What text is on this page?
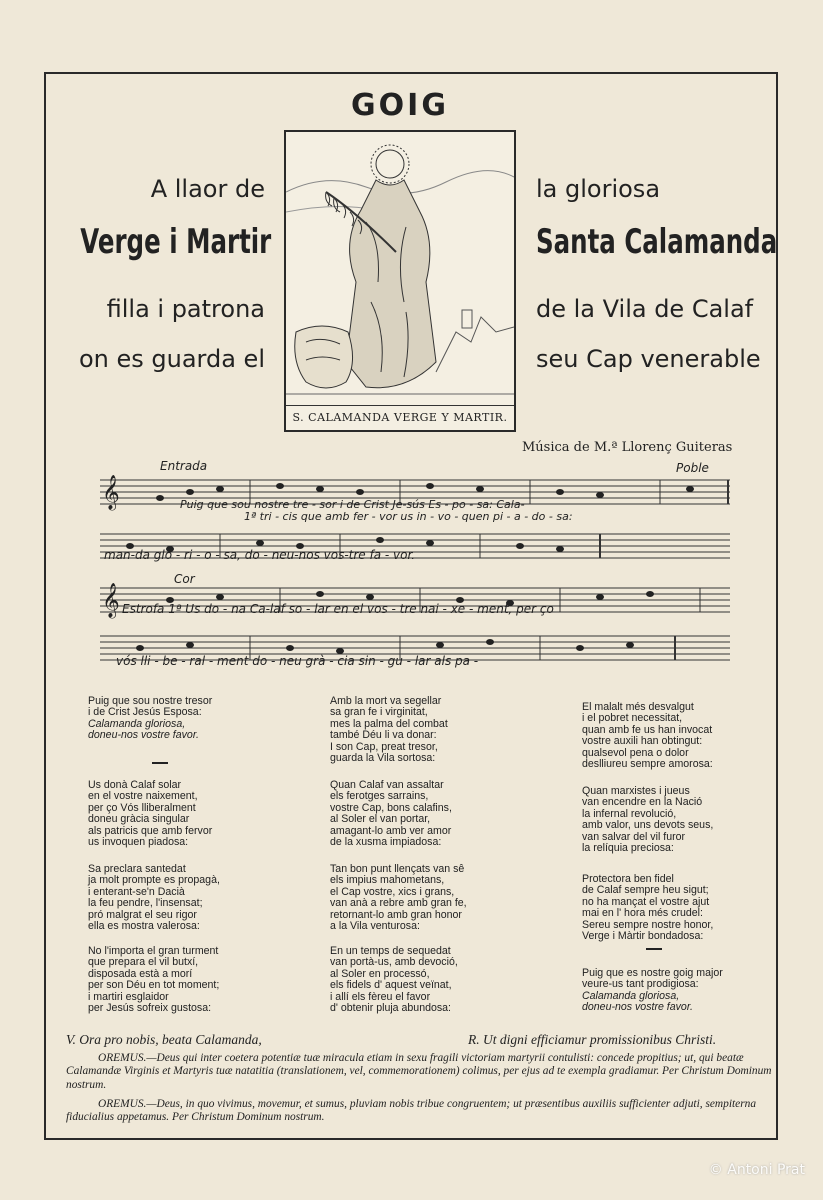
GOIG
A llaor de
Verge i Martir
filla i patrona
on es guarda el
la gloriosa
Santa Calamanda
de la Vila de Calaf
seu Cap venerable
S. CALAMANDA VERGE Y MARTIR.
Música de M.ª Llorenç Guiteras
𝄞
Entrada	Poble
Puig que sou nostre tre - sor i de Crist Je-sús Es - po - sa: Cala-
1ª tri - cis que amb fer - vor us in - vo - quen pi - a - do - sa:
man-da glo - ri - o - sa, do - neu-nos vos-tre fa - vor.
𝄞
Cor
Estrofa 1ª Us do - na Ca-laf so - lar en el vos - tre nai - xe - ment, per ço
vós lli - be - ral - ment do - neu grà - cia sin - gu - lar als pa -
Puig que sou nostre tresor
i de Crist Jesús Esposa:
Calamanda gloriosa,
doneu-nos vostre favor.
Us donà Calaf solar
en el vostre naixement,
per ço Vós lliberalment
doneu gràcia singular
als patricis que amb fervor
us invoquen piadosa:
Sa preclara santedat
ja molt prompte es propagà,
i enterant-se'n Dacià
la feu pendre, l'insensat;
pró malgrat el seu rigor
ella es mostra valerosa:
No l'importa el gran turment
que prepara el vil butxí,
disposada està a morí
per son Déu en tot moment;
i martiri esglaidor
per Jesús sofreix gustosa:
Amb la mort va segellar
sa gran fe i virginitat,
mes la palma del combat
també Déu li va donar:
I son Cap, preat tresor,
guarda la Vila sortosa:
Quan Calaf van assaltar
els ferotges sarrains,
vostre Cap, bons calafins,
al Soler el van portar,
amagant-lo amb ver amor
de la xusma impiadosa:
Tan bon punt llençats van sê
els impius mahometans,
el Cap vostre, xics i grans,
van anà a rebre amb gran fe,
retornant-lo amb gran honor
a la Vila venturosa:
En un temps de sequedat
van portà-us, amb devoció,
al Soler en processó,
els fidels d' aquest veïnat,
i allí els fèreu el favor
d' obtenir pluja abundosa:
El malalt més desvalgut
i el pobret necessitat,
quan amb fe us han invocat
vostre auxili han obtingut:
qualsevol pena o dolor
deslliureu sempre amorosa:
Quan marxistes i jueus
van encendre en la Nació
la infernal revolució,
amb valor, uns devots seus,
van salvar del vil furor
la relíquia preciosa:
Protectora ben fidel
de Calaf sempre heu sigut;
no ha mançat el vostre ajut
mai en l' hora més crudel:
Sereu sempre nostre honor,
Verge i Màrtir bondadosa:
Puig que es nostre goig major
veure-us tant prodigiosa:
Calamanda gloriosa,
doneu-nos vostre favor.
V. Ora pro nobis, beata Calamanda,	R. Ut digni efficiamur promissionibus Christi.
OREMUS.—Deus qui inter coetera potentiæ tuæ miracula etiam in sexu fragili victoriam martyrii contulisti: concede propitius; ut, qui beatæ Calamandæ Virginis et Martyris tuæ natatitia (translationem, vel, commemorationem) colimus, per ejus ad te exempla gradiamur. Per Christum Dominum nostrum.
OREMUS.—Deus, in quo vivimus, movemur, et sumus, pluviam nobis tribue congruentem; ut præsentibus auxiliis sufficienter adjuti, sempiterna fiducialius appetamus. Per Christum Dominum nostrum.
© Antoni Prat
